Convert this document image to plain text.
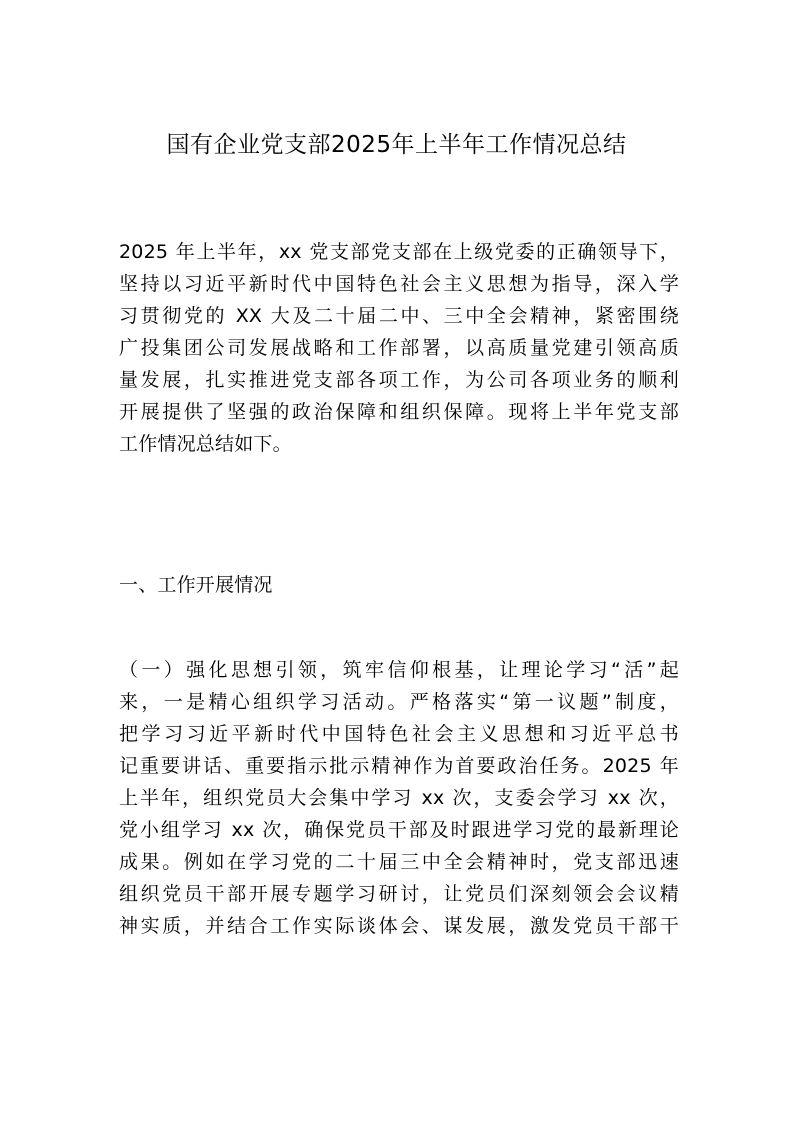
国有企业党支部2025年上半年工作情况总结
2025 年上半年，xx 党支部党支部在上级党委的正确领导下，
坚持以习近平新时代中国特色社会主义思想为指导，深入学
习贯彻党的 XX 大及二十届二中、三中全会精神，紧密围绕
广投集团公司发展战略和工作部署，以高质量党建引领高质
量发展，扎实推进党支部各项工作，为公司各项业务的顺利
开展提供了坚强的政治保障和组织保障。现将上半年党支部
工作情况总结如下。
一、工作开展情况
（一）强化思想引领，筑牢信仰根基，让理论学习“活”起
来，一是精心组织学习活动。严格落实“第一议题”制度，
把学习习近平新时代中国特色社会主义思想和习近平总书
记重要讲话、重要指示批示精神作为首要政治任务。2025 年
上半年，组织党员大会集中学习 xx 次，支委会学习 xx 次，
党小组学习 xx 次，确保党员干部及时跟进学习党的最新理论
成果。例如在学习党的二十届三中全会精神时，党支部迅速
组织党员干部开展专题学习研讨，让党员们深刻领会会议精
神实质，并结合工作实际谈体会、谋发展，激发党员干部干
